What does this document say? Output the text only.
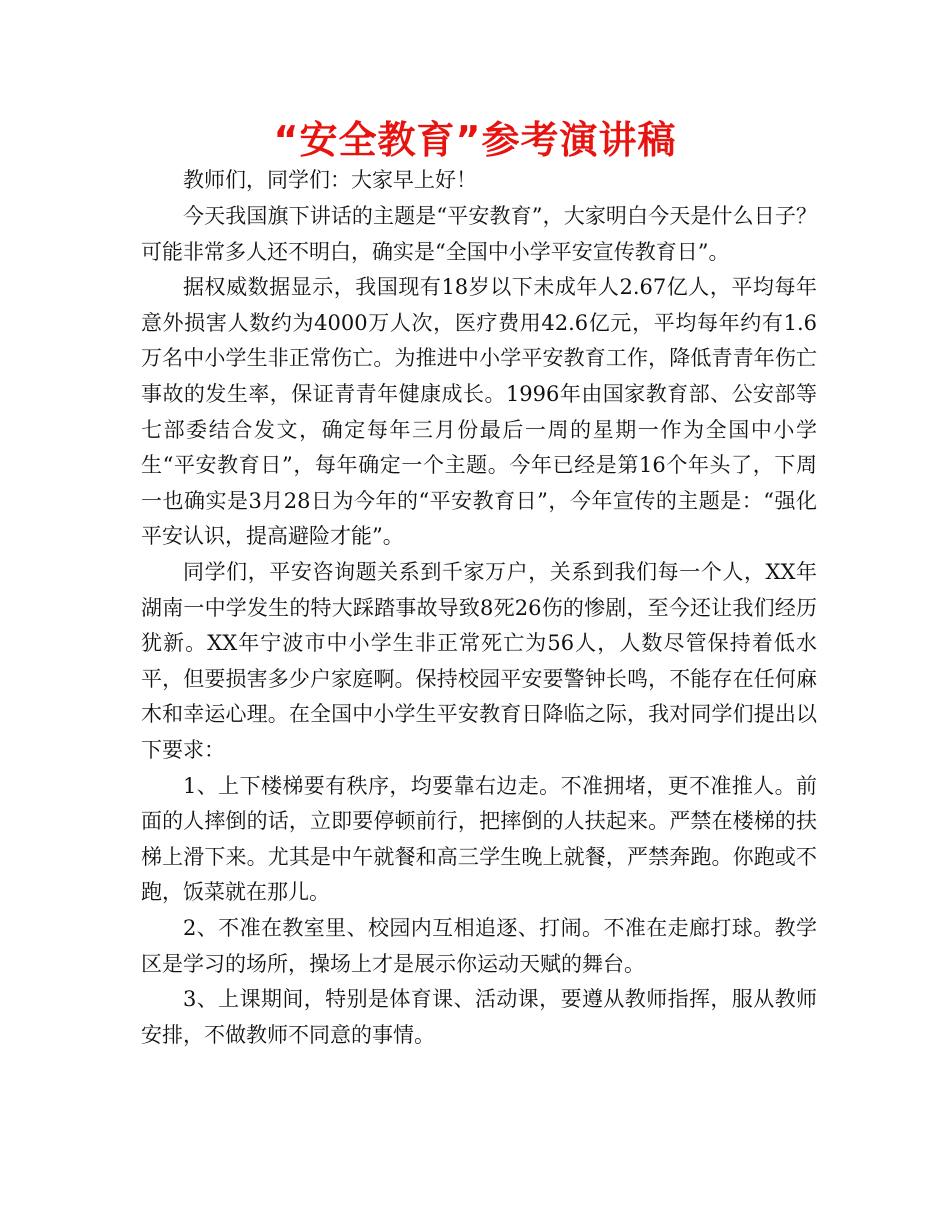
“安全教育”参考演讲稿

教师们，同学们：大家早上好！

今天我国旗下讲话的主题是“平安教育”，大家明白今天是什么日子？可能非常多人还不明白，确实是“全国中小学平安宣传教育日”。

据权威数据显示，我国现有18岁以下未成年人2.67亿人，平均每年意外损害人数约为4000万人次，医疗费用42.6亿元，平均每年约有1.6万名中小学生非正常伤亡。为推进中小学平安教育工作，降低青青年伤亡事故的发生率，保证青青年健康成长。1996年由国家教育部、公安部等七部委结合发文，确定每年三月份最后一周的星期一作为全国中小学生“平安教育日”，每年确定一个主题。今年已经是第16个年头了，下周一也确实是3月28日为今年的“平安教育日”，今年宣传的主题是：“强化平安认识，提高避险才能”。

同学们，平安咨询题关系到千家万户，关系到我们每一个人，XX年湖南一中学发生的特大踩踏事故导致8死26伤的惨剧，至今还让我们经历犹新。XX年宁波市中小学生非正常死亡为56人，人数尽管保持着低水平，但要损害多少户家庭啊。保持校园平安要警钟长鸣，不能存在任何麻木和幸运心理。在全国中小学生平安教育日降临之际，我对同学们提出以下要求：

1、上下楼梯要有秩序，均要靠右边走。不准拥堵，更不准推人。前面的人摔倒的话，立即要停顿前行，把摔倒的人扶起来。严禁在楼梯的扶梯上滑下来。尤其是中午就餐和高三学生晚上就餐，严禁奔跑。你跑或不跑，饭菜就在那儿。

2、不准在教室里、校园内互相追逐、打闹。不准在走廊打球。教学区是学习的场所，操场上才是展示你运动天赋的舞台。

3、上课期间，特别是体育课、活动课，要遵从教师指挥，服从教师安排，不做教师不同意的事情。
